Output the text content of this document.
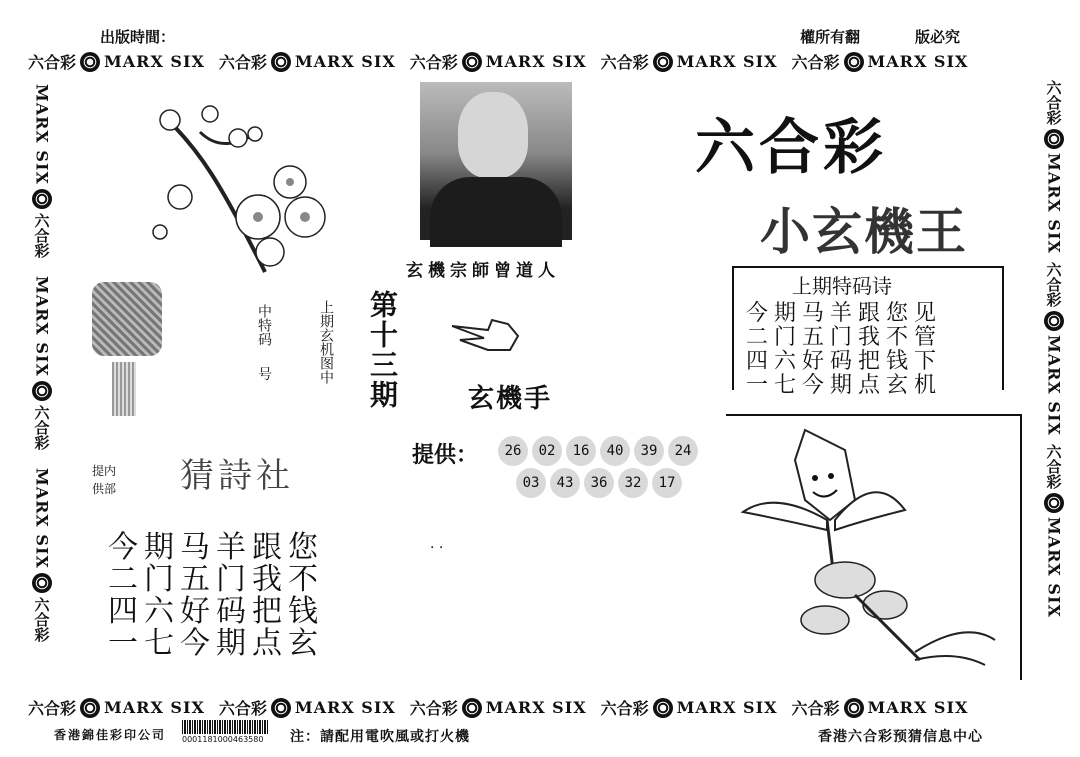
出版時間：	權所有翻	版必究
六合彩 MARX SIX 六合彩 MARX SIX 六合彩 MARX SIX 六合彩 MARX SIX 六合彩 MARX SIX
六合彩 MARX SIX 六合彩 MARX SIX 六合彩 MARX SIX 六合彩 MARX SIX 六合彩 MARX SIX
MARX SIX
六合彩
MARX SIX
六合彩
MARX SIX
六合彩
六合彩
MARX SIX
六合彩
MARX SIX
六合彩
MARX SIX
玄機宗師曾道人
六合彩
小玄機王
上期特码诗
今期马羊跟您见
二门五门我不管
四六好码把钱下
一七今期点玄机
中特码
号	上期玄机图中 第十三期	玄機手
提供：	26	02	16	40	39	24
03	43	36	32	17
提内
供部 猜詩社
今期马羊跟您
二门五门我不
四六好码把钱
一七今期点玄
· ·
香港錦佳彩印公司 0001181000463580 注：請配用電吹風或打火機	香港六合彩预猜信息中心
